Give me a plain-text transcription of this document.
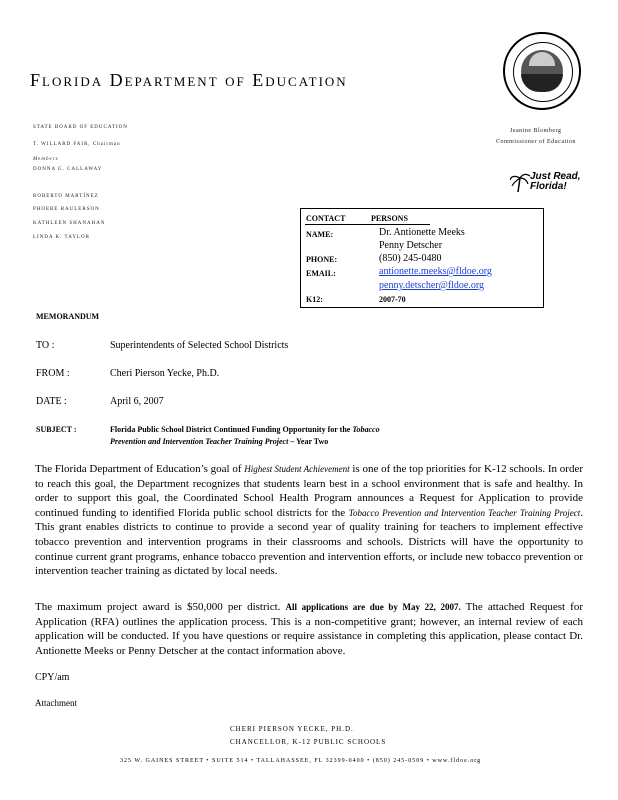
Florida Department of Education
STATE BOARD OF EDUCATION
T. WILLARD FAIR, Chairman
Members
DONNA G. CALLAWAY
ROBERTO MARTÍNEZ
PHOEBE RAULERSON
KATHLEEN SHANAHAN
LINDA K. TAYLOR
Jeanine Blomberg
Commissioner of Education
Just Read,
Florida!
CONTACT	PERSONS
NAME:	Dr. Antionette Meeks
Penny Detscher
PHONE:	(850) 245-0480
EMAIL:	antionette.meeks@fldoe.org
penny.detscher@fldoe.org
K12:	2007-70
MEMORANDUM
TO :	Superintendents of Selected School Districts
FROM :	Cheri Pierson Yecke, Ph.D.
DATE :	April 6, 2007
SUBJECT :	Florida Public School District Continued Funding Opportunity for the Tobacco
Prevention and Intervention Teacher Training Project – Year Two
The Florida Department of Education’s goal of Highest Student Achievement is one of the top priorities for K-12 schools. In order to reach this goal, the Department recognizes that students learn best in a school environment that is safe and healthy. In order to support this goal, the Coordinated School Health Program announces a Request for Application to provide continued funding to identified Florida public school districts for the Tobacco Prevention and Intervention Teacher Training Project. This grant enables districts to continue to provide a second year of quality training for teachers to implement effective tobacco prevention and intervention programs in their classrooms and schools. Districts will have the opportunity to continue current grant programs, enhance tobacco prevention and intervention efforts, or include new tobacco prevention or intervention teacher training as dictated by local needs.
The maximum project award is $50,000 per district. All applications are due by May 22, 2007. The attached Request for Application (RFA) outlines the application process. This is a non-competitive grant; however, an internal review of each application will be conducted. If you have questions or require assistance in completing this application, please contact Dr. Antionette Meeks or Penny Detscher at the contact information above.
CPY/am
Attachment
CHERI PIERSON YECKE, PH.D.
CHANCELLOR, K-12 PUBLIC SCHOOLS
325 W. GAINES STREET • SUITE 514 • TALLAHASSEE, FL 32399-0400 • (850) 245-0509 • www.fldoe.org
